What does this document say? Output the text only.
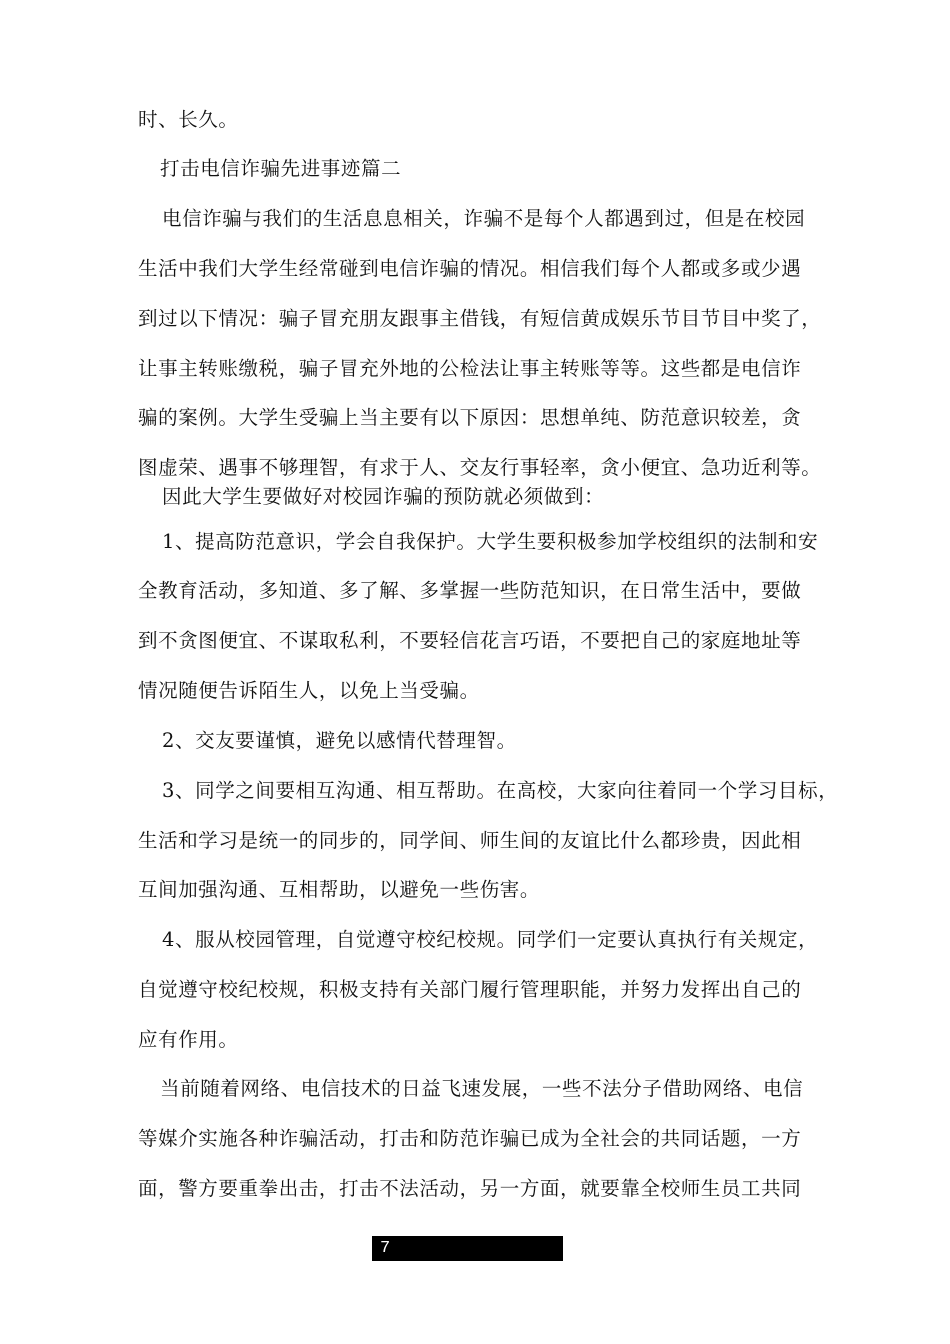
时、长久。
打击电信诈骗先进事迹篇二
电信诈骗与我们的生活息息相关，诈骗不是每个人都遇到过，但是在校园
生活中我们大学生经常碰到电信诈骗的情况。相信我们每个人都或多或少遇
到过以下情况：骗子冒充朋友跟事主借钱，有短信黄成娱乐节目节目中奖了，
让事主转账缴税，骗子冒充外地的公检法让事主转账等等。这些都是电信诈
骗的案例。大学生受骗上当主要有以下原因：思想单纯、防范意识较差，贪
图虚荣、遇事不够理智，有求于人、交友行事轻率，贪小便宜、急功近利等。
因此大学生要做好对校园诈骗的预防就必须做到：
1、提高防范意识，学会自我保护。大学生要积极参加学校组织的法制和安
全教育活动，多知道、多了解、多掌握一些防范知识，在日常生活中，要做
到不贪图便宜、不谋取私利，不要轻信花言巧语，不要把自己的家庭地址等
情况随便告诉陌生人，以免上当受骗。
2、交友要谨慎，避免以感情代替理智。
3、同学之间要相互沟通、相互帮助。在高校，大家向往着同一个学习目标，
生活和学习是统一的同步的，同学间、师生间的友谊比什么都珍贵，因此相
互间加强沟通、互相帮助，以避免一些伤害。
4、服从校园管理，自觉遵守校纪校规。同学们一定要认真执行有关规定，
自觉遵守校纪校规，积极支持有关部门履行管理职能，并努力发挥出自己的
应有作用。
当前随着网络、电信技术的日益飞速发展，一些不法分子借助网络、电信
等媒介实施各种诈骗活动，打击和防范诈骗已成为全社会的共同话题，一方
面，警方要重拳出击，打击不法活动，另一方面，就要靠全校师生员工共同
7
